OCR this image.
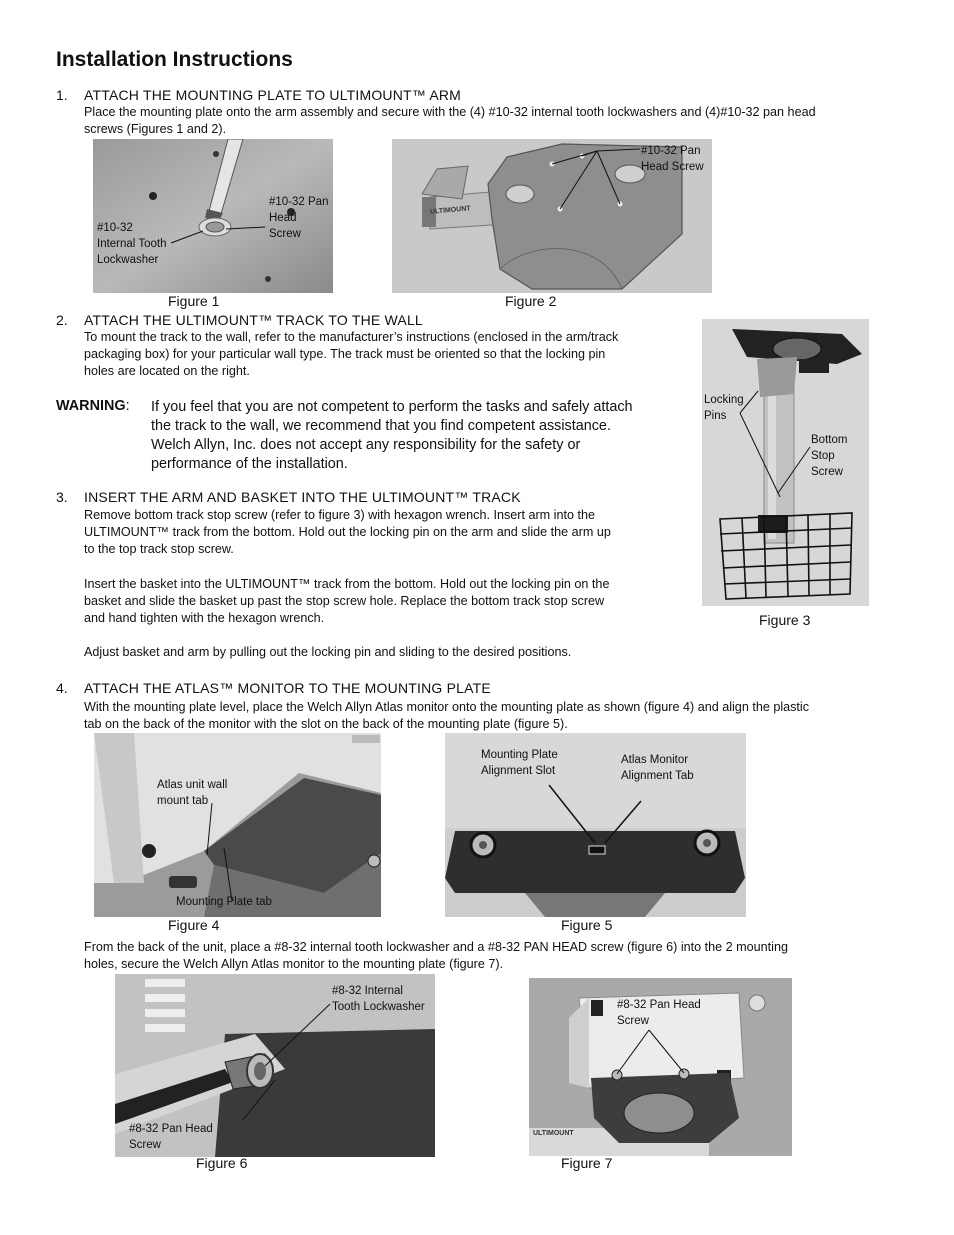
Installation Instructions
1. ATTACH THE MOUNTING PLATE TO ULTIMOUNT™ ARM
Place the mounting plate onto the arm assembly and secure with the (4) #10-32 internal tooth lockwashers and (4)#10-32 pan head
screws (Figures 1 and 2).
#10-32
Internal Tooth
Lockwasher
#10-32 Pan
Head
Screw
Figure 1
ULTIMOUNT
#10-32 Pan
Head Screw
Figure 2
2. ATTACH THE ULTIMOUNT™ TRACK TO THE WALL
To mount the track to the wall, refer to the manufacturer’s instructions (enclosed in the arm/track
packaging box) for your particular wall type. The track must be oriented so that the locking pin
holes are located on the right.
WARNING: If you feel that you are not competent to perform the tasks and safely attach
the track to the wall, we recommend that you find competent assistance.
Welch Allyn, Inc. does not accept any responsibility for the safety or
performance of the installation.
Locking
Pins
Bottom
Stop
Screw
Figure 3
3. INSERT THE ARM AND BASKET INTO THE ULTIMOUNT™ TRACK
Remove bottom track stop screw (refer to figure 3) with hexagon wrench. Insert arm into the
ULTIMOUNT™ track from the bottom. Hold out the locking pin on the arm and slide the arm up
to the top track stop screw.
Insert the basket into the ULTIMOUNT™ track from the bottom. Hold out the locking pin on the
basket and slide the basket up past the stop screw hole. Replace the bottom track stop screw
and hand tighten with the hexagon wrench.
Adjust basket and arm by pulling out the locking pin and sliding to the desired positions.
4. ATTACH THE ATLAS™ MONITOR TO THE MOUNTING PLATE
With the mounting plate level, place the Welch Allyn Atlas monitor onto the mounting plate as shown (figure 4) and align the plastic
tab on the back of the monitor with the slot on the back of the mounting plate (figure 5).
Atlas unit wall
mount tab
Mounting Plate tab
Figure 4
Mounting Plate
Alignment Slot
Atlas Monitor
Alignment Tab
Figure 5
From the back of the unit, place a #8-32 internal tooth lockwasher and a #8-32 PAN HEAD screw (figure 6) into the 2 mounting
holes, secure the Welch Allyn Atlas monitor to the mounting plate (figure 7).
#8-32 Internal
Tooth Lockwasher
#8-32 Pan Head
Screw
Figure 6
ULTIMOUNT
#8-32 Pan Head
Screw
Figure 7
